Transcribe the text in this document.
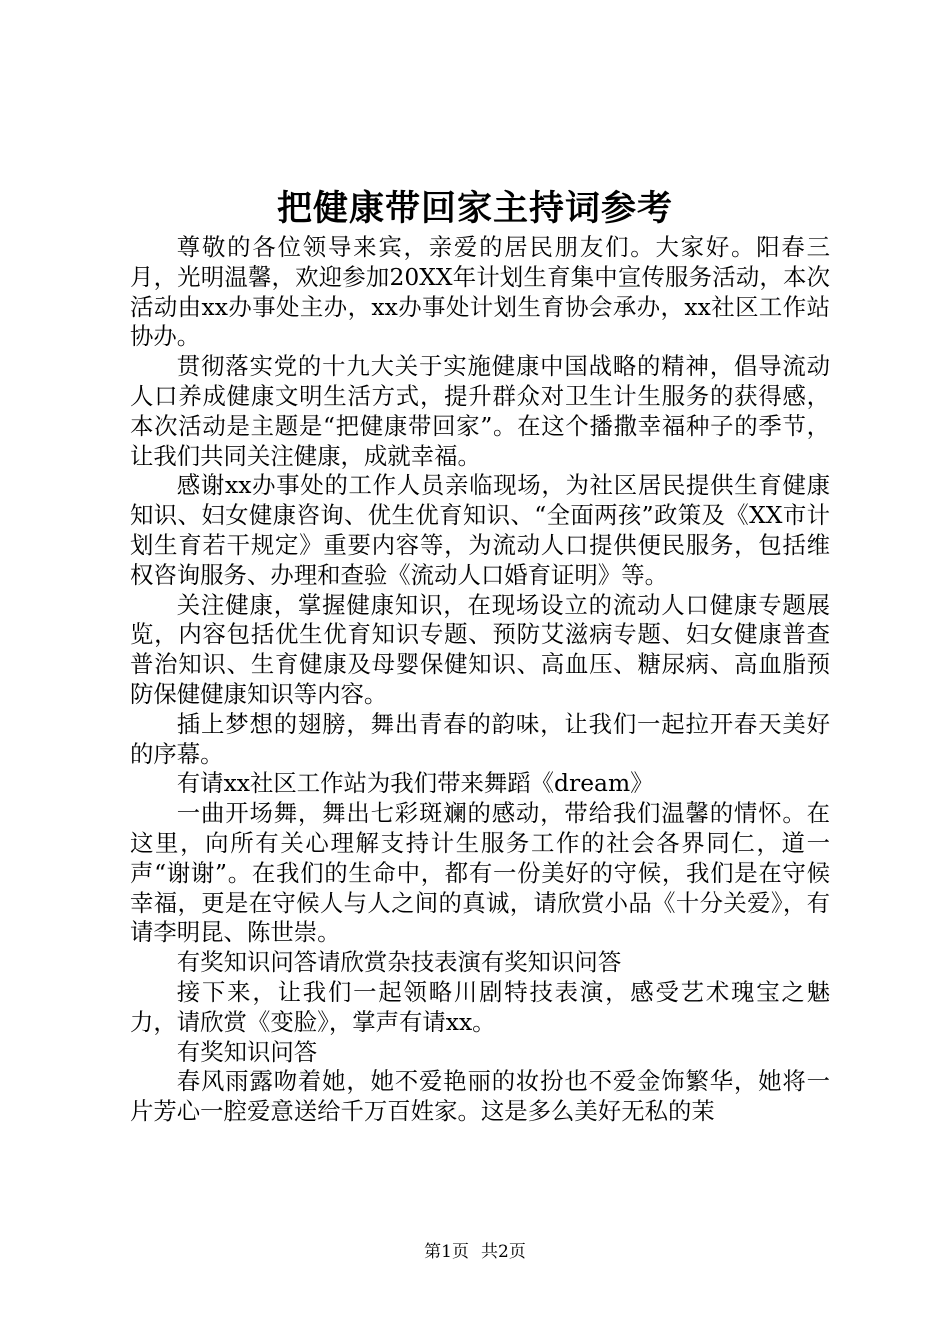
把健康带回家主持词参考

尊敬的各位领导来宾，亲爱的居民朋友们。大家好。阳春三月，光明温馨，欢迎参加20XX年计划生育集中宣传服务活动，本次活动由xx办事处主办，xx办事处计划生育协会承办，xx社区工作站协办。

贯彻落实党的十九大关于实施健康中国战略的精神，倡导流动人口养成健康文明生活方式，提升群众对卫生计生服务的获得感，本次活动是主题是“把健康带回家”。在这个播撒幸福种子的季节，让我们共同关注健康，成就幸福。

感谢xx办事处的工作人员亲临现场，为社区居民提供生育健康知识、妇女健康咨询、优生优育知识、“全面两孩”政策及《XX市计划生育若干规定》重要内容等，为流动人口提供便民服务，包括维权咨询服务、办理和查验《流动人口婚育证明》等。

关注健康，掌握健康知识，在现场设立的流动人口健康专题展览，内容包括优生优育知识专题、预防艾滋病专题、妇女健康普查普治知识、生育健康及母婴保健知识、高血压、糖尿病、高血脂预防保健健康知识等内容。

插上梦想的翅膀，舞出青春的韵味，让我们一起拉开春天美好的序幕。

有请xx社区工作站为我们带来舞蹈《dream》

一曲开场舞，舞出七彩斑斓的感动，带给我们温馨的情怀。在这里，向所有关心理解支持计生服务工作的社会各界同仁，道一声“谢谢”。在我们的生命中，都有一份美好的守候，我们是在守候幸福，更是在守候人与人之间的真诚，请欣赏小品《十分关爱》，有请李明昆、陈世崇。

有奖知识问答请欣赏杂技表演有奖知识问答

接下来，让我们一起领略川剧特技表演，感受艺术瑰宝之魅力，请欣赏《变脸》，掌声有请xx。

有奖知识问答

春风雨露吻着她，她不爱艳丽的妆扮也不爱金饰繁华，她将一片芳心一腔爱意送给千万百姓家。这是多么美好无私的茉

第1页 共2页
